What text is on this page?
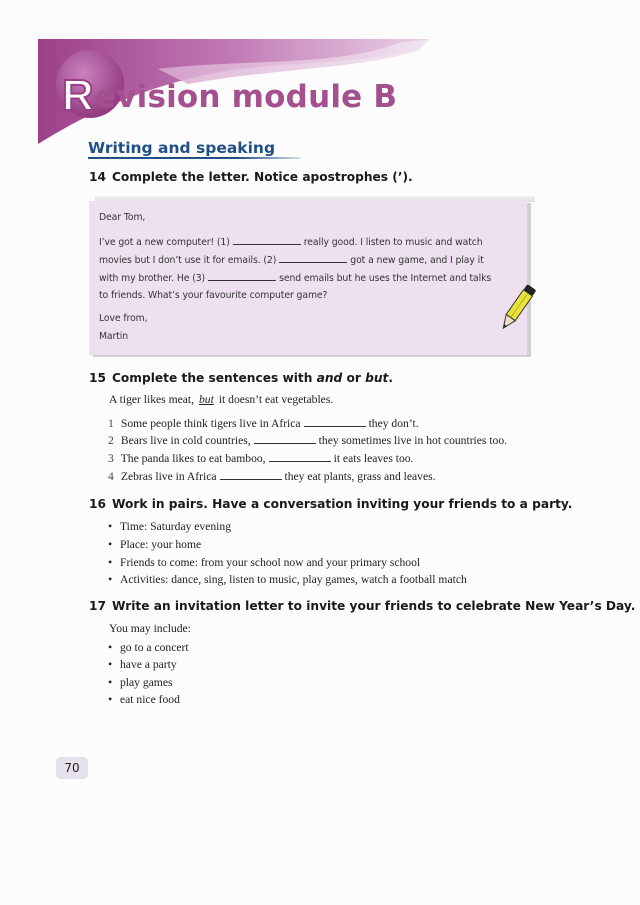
Revision module B
Writing and speaking
14 Complete the letter. Notice apostrophes (’).

Dear Tom,

I’ve got a new computer! (1)	really good. I listen to music and watch

movies but I don’t use it for emails. (2)	got a new game, and I play it

with my brother. He (3)	send emails but he uses the Internet and talks

to friends. What’s your favourite computer game?

Love from,

Martin

15 Complete the sentences with and or but.
A tiger likes meat, but it doesn’t eat vegetables.
1 Some people think tigers live in Africa	they don’t.
2 Bears live in cold countries,	they sometimes live in hot countries too.
3 The panda likes to eat bamboo,	it eats leaves too.
4 Zebras live in Africa	they eat plants, grass and leaves.
16 Work in pairs. Have a conversation inviting your friends to a party.
• Time: Saturday evening
• Place: your home
• Friends to come: from your school now and your primary school
• Activities: dance, sing, listen to music, play games, watch a football match
17 Write an invitation letter to invite your friends to celebrate New Year’s Day.
You may include:
• go to a concert
• have a party
• play games
• eat nice food
70
